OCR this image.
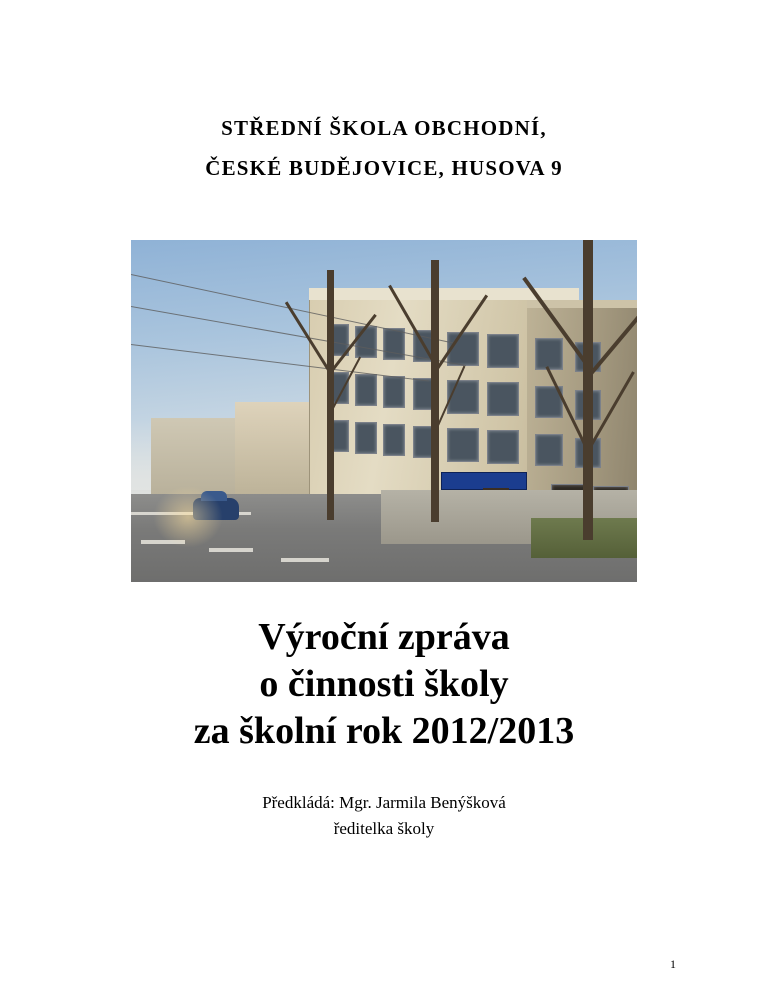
STŘEDNÍ ŠKOLA OBCHODNÍ,
ČESKÉ BUDĚJOVICE, HUSOVA 9
Výroční zpráva
o činnosti školy
za školní rok 2012/2013
Předkládá: Mgr. Jarmila Benýšková
ředitelka školy
1
